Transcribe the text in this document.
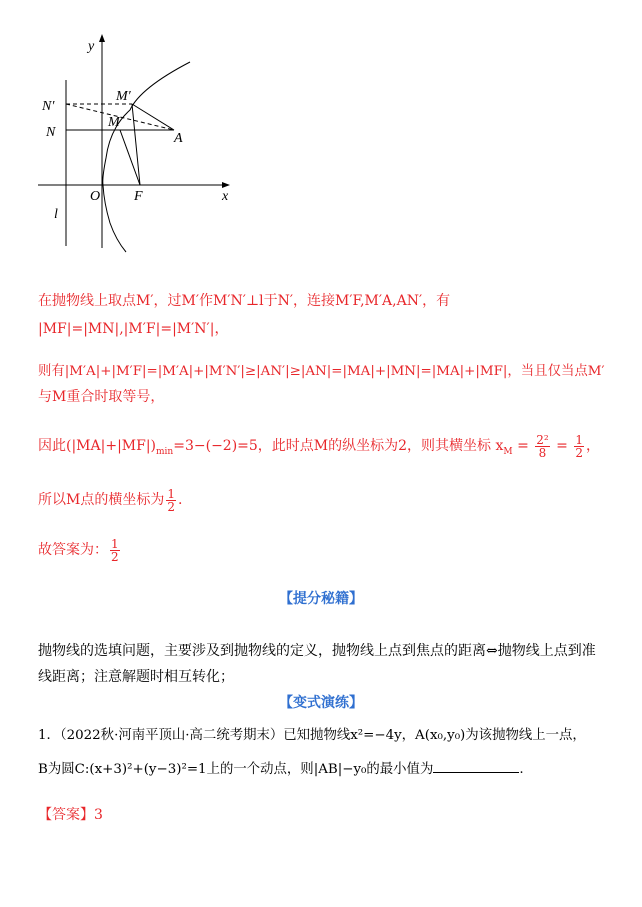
y
x
N′
N
M′
M
A
O F
l
在抛物线上取点M′，过M′作M′N′⊥l于N′，连接M′F,M′A,AN′，有
|MF|=|MN|,|M′F|=|M′N′|，
则有|M′A|+|M′F|=|M′A|+|M′N′|≥|AN′|≥|AN|=|MA|+|MN|=|MA|+|MF|，当且仅当点M′
与M重合时取等号，
因此$(|MA|+|MF|)_{min}=3-(-2)=5$，此时点M的纵坐标为2，则其横坐标 $x_M = \frac{\text{2²}}{8} = \frac{1}{2}$ ，
所以M点的横坐标为 $\frac{1}{2}$ .
故答案为： $\frac{1}{2}$
【提分秘籍】
抛物线的选填问题，主要涉及到抛物线的定义，抛物线上点到焦点的距离⇔抛物线上点到准
线距离；注意解题时相互转化；
【变式演练】
1．（2022秋·河南平顶山·高二统考期末）已知抛物线x²=−4y，A(x₀,y₀)为该抛物线上一点，
B为圆C:(x+3)²+(y−3)²=1上的一个动点，则|AB|−y₀的最小值为	.
【答案】3
